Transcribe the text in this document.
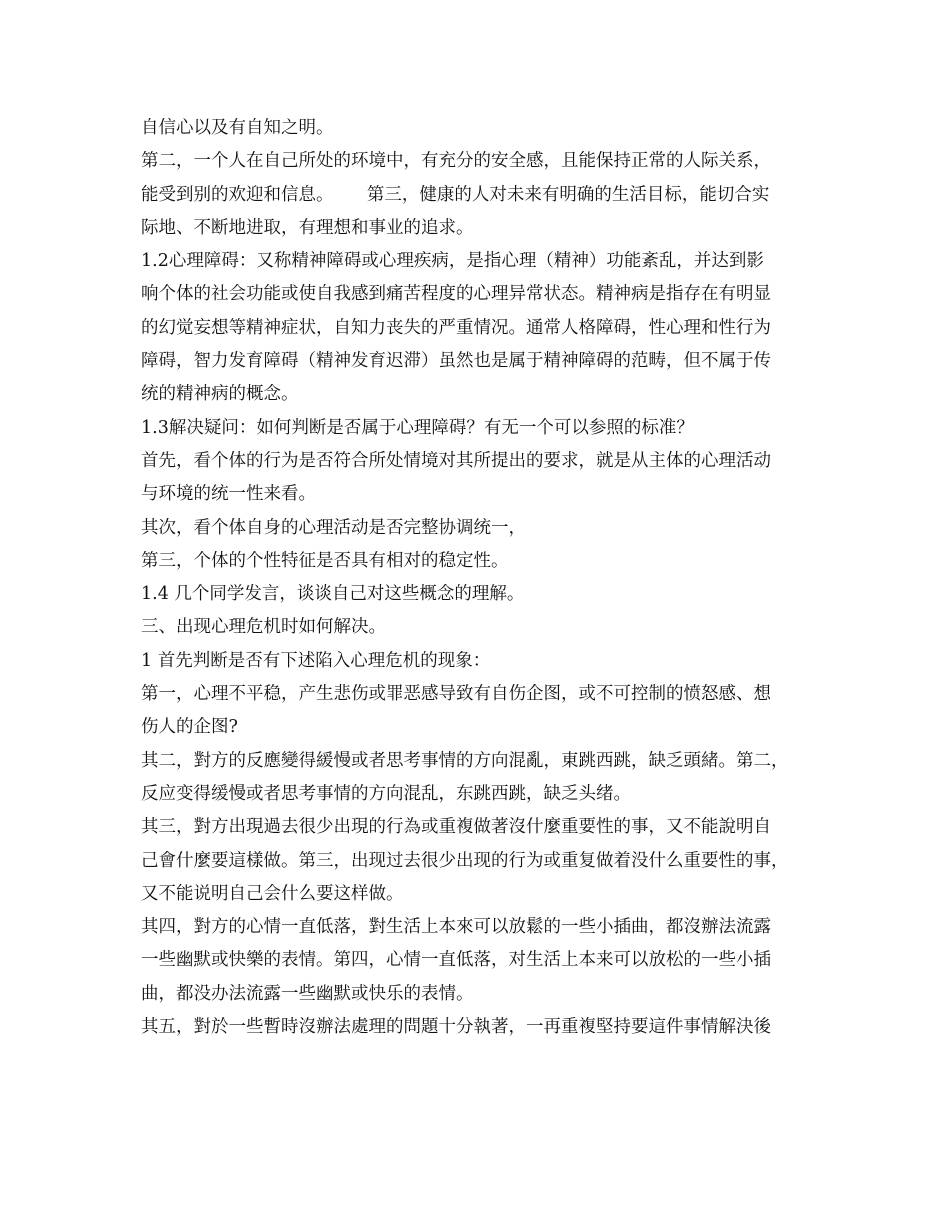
自信心以及有自知之明。
第二，一个人在自己所处的环境中，有充分的安全感，且能保持正常的人际关系，
能受到别的欢迎和信息。      第三，健康的人对未来有明确的生活目标，能切合实
际地、不断地进取，有理想和事业的追求。
1.2心理障碍：又称精神障碍或心理疾病，是指心理（精神）功能紊乱，并达到影
响个体的社会功能或使自我感到痛苦程度的心理异常状态。精神病是指存在有明显
的幻觉妄想等精神症状，自知力丧失的严重情况。通常人格障碍，性心理和性行为
障碍，智力发育障碍（精神发育迟滞）虽然也是属于精神障碍的范畴，但不属于传
统的精神病的概念。
1.3解决疑问：如何判断是否属于心理障碍？有无一个可以参照的标准？
首先，看个体的行为是否符合所处情境对其所提出的要求，就是从主体的心理活动
与环境的统一性来看。
其次，看个体自身的心理活动是否完整协调统一，
第三，个体的个性特征是否具有相对的稳定性。
1.4 几个同学发言，谈谈自己对这些概念的理解。
三、出现心理危机时如何解决。
1 首先判断是否有下述陷入心理危机的现象：
第一，心理不平稳，产生悲伤或罪恶感导致有自伤企图，或不可控制的愤怒感、想
伤人的企图?
其二，對方的反應變得緩慢或者思考事情的方向混亂，東跳西跳，缺乏頭緒。第二，
反应变得缓慢或者思考事情的方向混乱，东跳西跳，缺乏头绪。
其三，對方出現過去很少出現的行為或重複做著沒什麼重要性的事，又不能說明自
己會什麼要這樣做。第三，出现过去很少出现的行为或重复做着没什么重要性的事，
又不能说明自己会什么要这样做。
其四，對方的心情一直低落，對生活上本來可以放鬆的一些小插曲，都沒辦法流露
一些幽默或快樂的表情。第四，心情一直低落，对生活上本来可以放松的一些小插
曲，都没办法流露一些幽默或快乐的表情。
其五，對於一些暫時沒辦法處理的問題十分執著，一再重複堅持要這件事情解決後
